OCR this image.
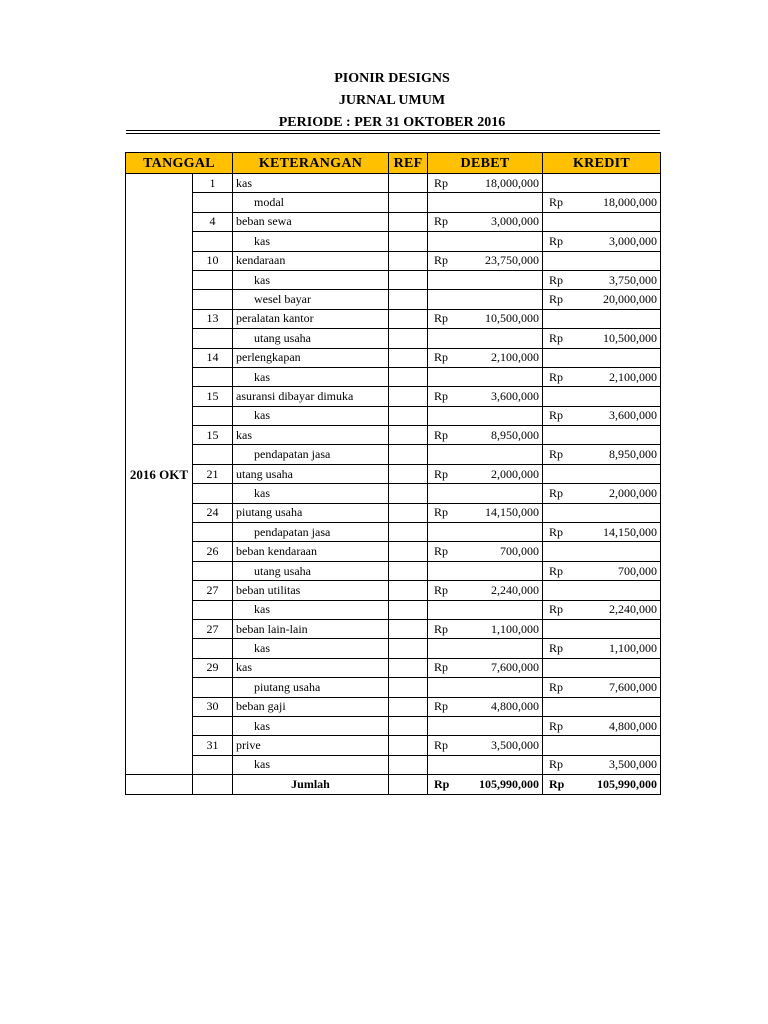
PIONIR DESIGNS
JURNAL UMUM
PERIODE : PER 31 OKTOBER 2016
TANGGAL		KETERANGAN	REF	DEBET	KREDIT
2016 OKT	1	kas		Rp 18,000,000	

		modal			Rp 18,000,000

	4	beban sewa		Rp 3,000,000	

		kas			Rp 3,000,000

	10	kendaraan		Rp 23,750,000	

		kas			Rp 3,750,000

		wesel bayar			Rp 20,000,000

	13	peralatan kantor		Rp 10,500,000	

		utang usaha			Rp 10,500,000

	14	perlengkapan		Rp 2,100,000	

		kas			Rp 2,100,000

	15	asuransi dibayar dimuka		Rp 3,600,000	

		kas			Rp 3,600,000

	15	kas		Rp 8,950,000	

		pendapatan jasa			Rp 8,950,000

	21	utang usaha		Rp 2,000,000	

		kas			Rp 2,000,000

	24	piutang usaha		Rp 14,150,000	

		pendapatan jasa			Rp 14,150,000

	26	beban kendaraan		Rp 700,000	

		utang usaha			Rp 700,000

	27	beban utilitas		Rp 2,240,000	

		kas			Rp 2,240,000

	27	beban lain-lain		Rp 1,100,000	

		kas			Rp 1,100,000

	29	kas		Rp 7,600,000	

		piutang usaha			Rp 7,600,000

	30	beban gaji		Rp 4,800,000	

		kas			Rp 4,800,000

	31	prive		Rp 3,500,000	

		kas			Rp 3,500,000

		Jumlah		Rp 105,990,000	Rp 105,990,000
